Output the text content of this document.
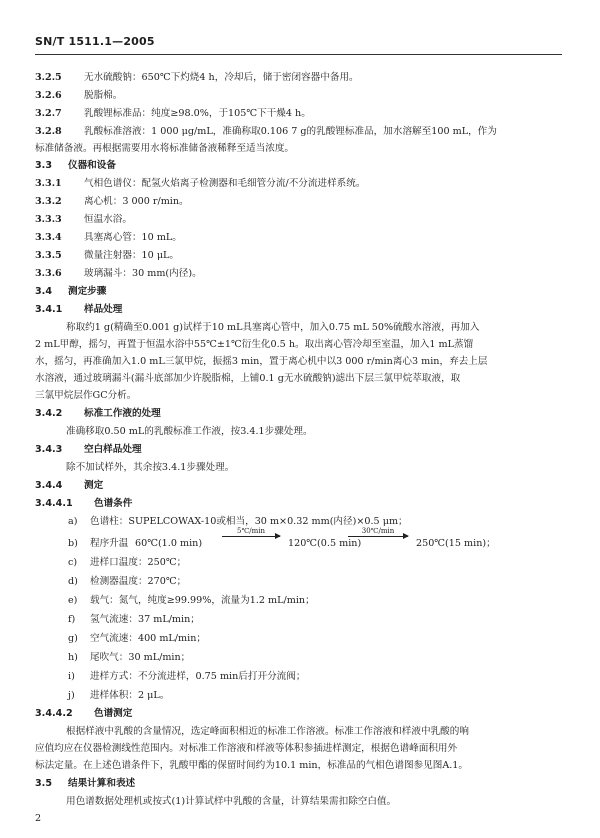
SN/T 1511.1—2005
3.2.5 无水硫酸钠：650℃下灼烧4 h，冷却后，储于密闭容器中备用。
3.2.6 脱脂棉。
3.2.7 乳酸锂标准品：纯度≥98.0%，于105℃下干燥4 h。
3.2.8 乳酸标准溶液：1 000 μg/mL，准确称取0.106 7 g的乳酸锂标准品，加水溶解至100 mL，作为
标准储备液。再根据需要用水将标准储备液稀释至适当浓度。
3.3 仪器和设备
3.3.1 气相色谱仪：配氢火焰离子检测器和毛细管分流/不分流进样系统。
3.3.2 离心机：3 000 r/min。
3.3.3 恒温水浴。
3.3.4 具塞离心管：10 mL。
3.3.5 微量注射器：10 μL。
3.3.6 玻璃漏斗：30 mm(内径)。
3.4 测定步骤
3.4.1 样品处理
称取约1 g(精确至0.001 g)试样于10 mL具塞离心管中，加入0.75 mL 50%硫酸水溶液，再加入
2 mL甲醇，摇匀，再置于恒温水浴中55℃±1℃衍生化0.5 h。取出离心管冷却至室温，加入1 mL蒸馏
水，摇匀，再准确加入1.0 mL三氯甲烷，振摇3 min，置于离心机中以3 000 r/min离心3 min，弃去上层
水溶液，通过玻璃漏斗(漏斗底部加少许脱脂棉，上铺0.1 g无水硫酸钠)滤出下层三氯甲烷萃取液，取
三氯甲烷层作GC分析。
3.4.2 标准工作液的处理
准确移取0.50 mL的乳酸标准工作液，按3.4.1步骤处理。
3.4.3 空白样品处理
除不加试样外，其余按3.4.1步骤处理。
3.4.4 测定
3.4.4.1 色谱条件
a) 色谱柱：SUPELCOWAX-10或相当，30 m×0.32 mm(内径)×0.5 μm；
b) 程序升温 60℃(1.0 min)
5℃/min
120℃(0.5 min)
30℃/min
250℃(15 min)；
c) 进样口温度：250℃；
d) 检测器温度：270℃；
e) 载气：氮气，纯度≥99.99%，流量为1.2 mL/min；
f) 氢气流速：37 mL/min；
g) 空气流速：400 mL/min；
h) 尾吹气：30 mL/min；
i) 进样方式：不分流进样，0.75 min后打开分流阀；
j) 进样体积：2 μL。
3.4.4.2 色谱测定
根据样液中乳酸的含量情况，选定峰面积相近的标准工作溶液。标准工作溶液和样液中乳酸的响
应值均应在仪器检测线性范围内。对标准工作溶液和样液等体积参插进样测定，根据色谱峰面积用外
标法定量。在上述色谱条件下，乳酸甲酯的保留时间约为10.1 min，标准品的气相色谱图参见图A.1。
3.5 结果计算和表述
用色谱数据处理机或按式(1)计算试样中乳酸的含量，计算结果需扣除空白值。
2
